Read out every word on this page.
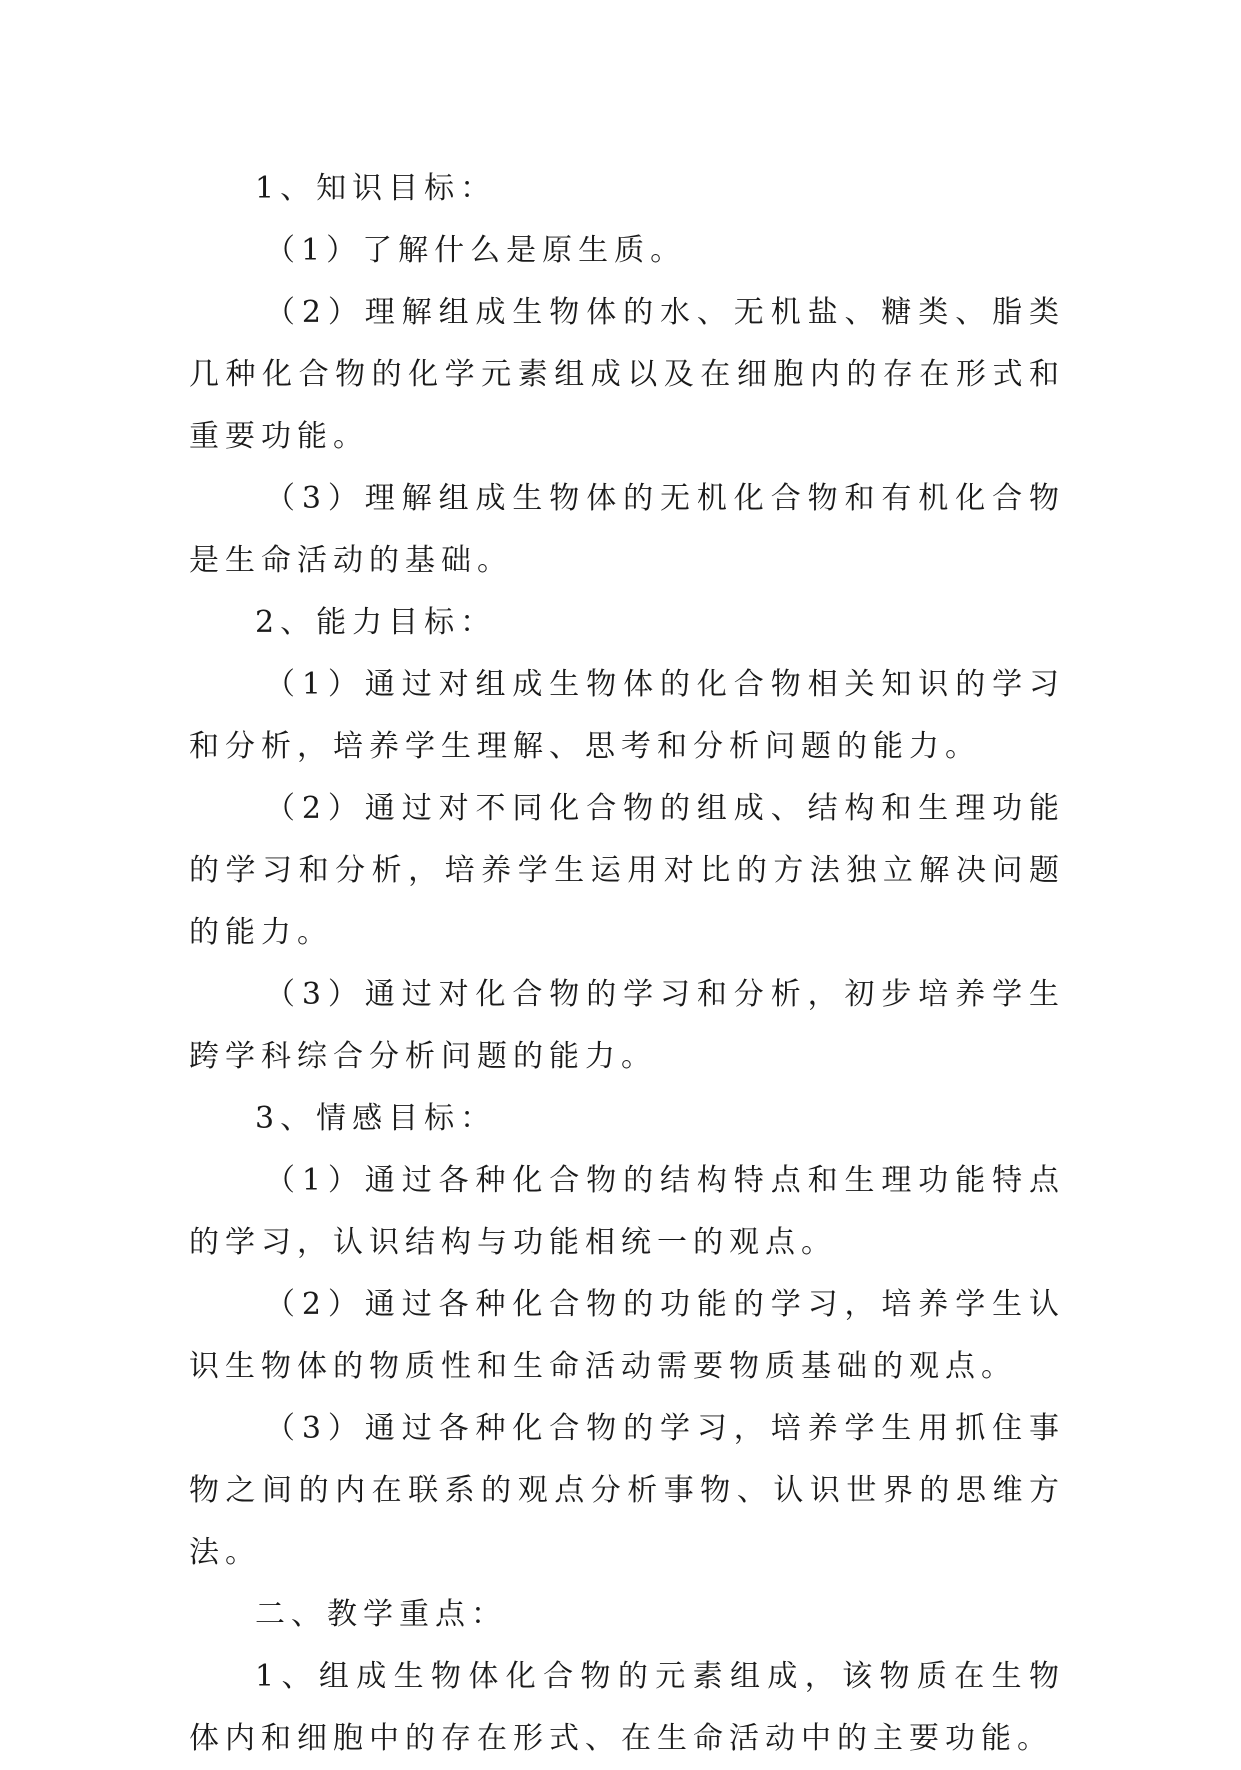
1、知识目标：

（1）了解什么是原生质。

（2）理解组成生物体的水、无机盐、糖类、脂类几种化合物的化学元素组成以及在细胞内的存在形式和重要功能。

（3）理解组成生物体的无机化合物和有机化合物是生命活动的基础。

2、能力目标：

（1）通过对组成生物体的化合物相关知识的学习和分析，培养学生理解、思考和分析问题的能力。

（2）通过对不同化合物的组成、结构和生理功能的学习和分析，培养学生运用对比的方法独立解决问题的能力。

（3）通过对化合物的学习和分析，初步培养学生跨学科综合分析问题的能力。

3、情感目标：

（1）通过各种化合物的结构特点和生理功能特点的学习，认识结构与功能相统一的观点。

（2）通过各种化合物的功能的学习，培养学生认识生物体的物质性和生命活动需要物质基础的观点。

（3）通过各种化合物的学习，培养学生用抓住事物之间的内在联系的观点分析事物、认识世界的思维方法。

二、教学重点：

1、组成生物体化合物的元素组成，该物质在生物体内和细胞中的存在形式、在生命活动中的主要功能。
